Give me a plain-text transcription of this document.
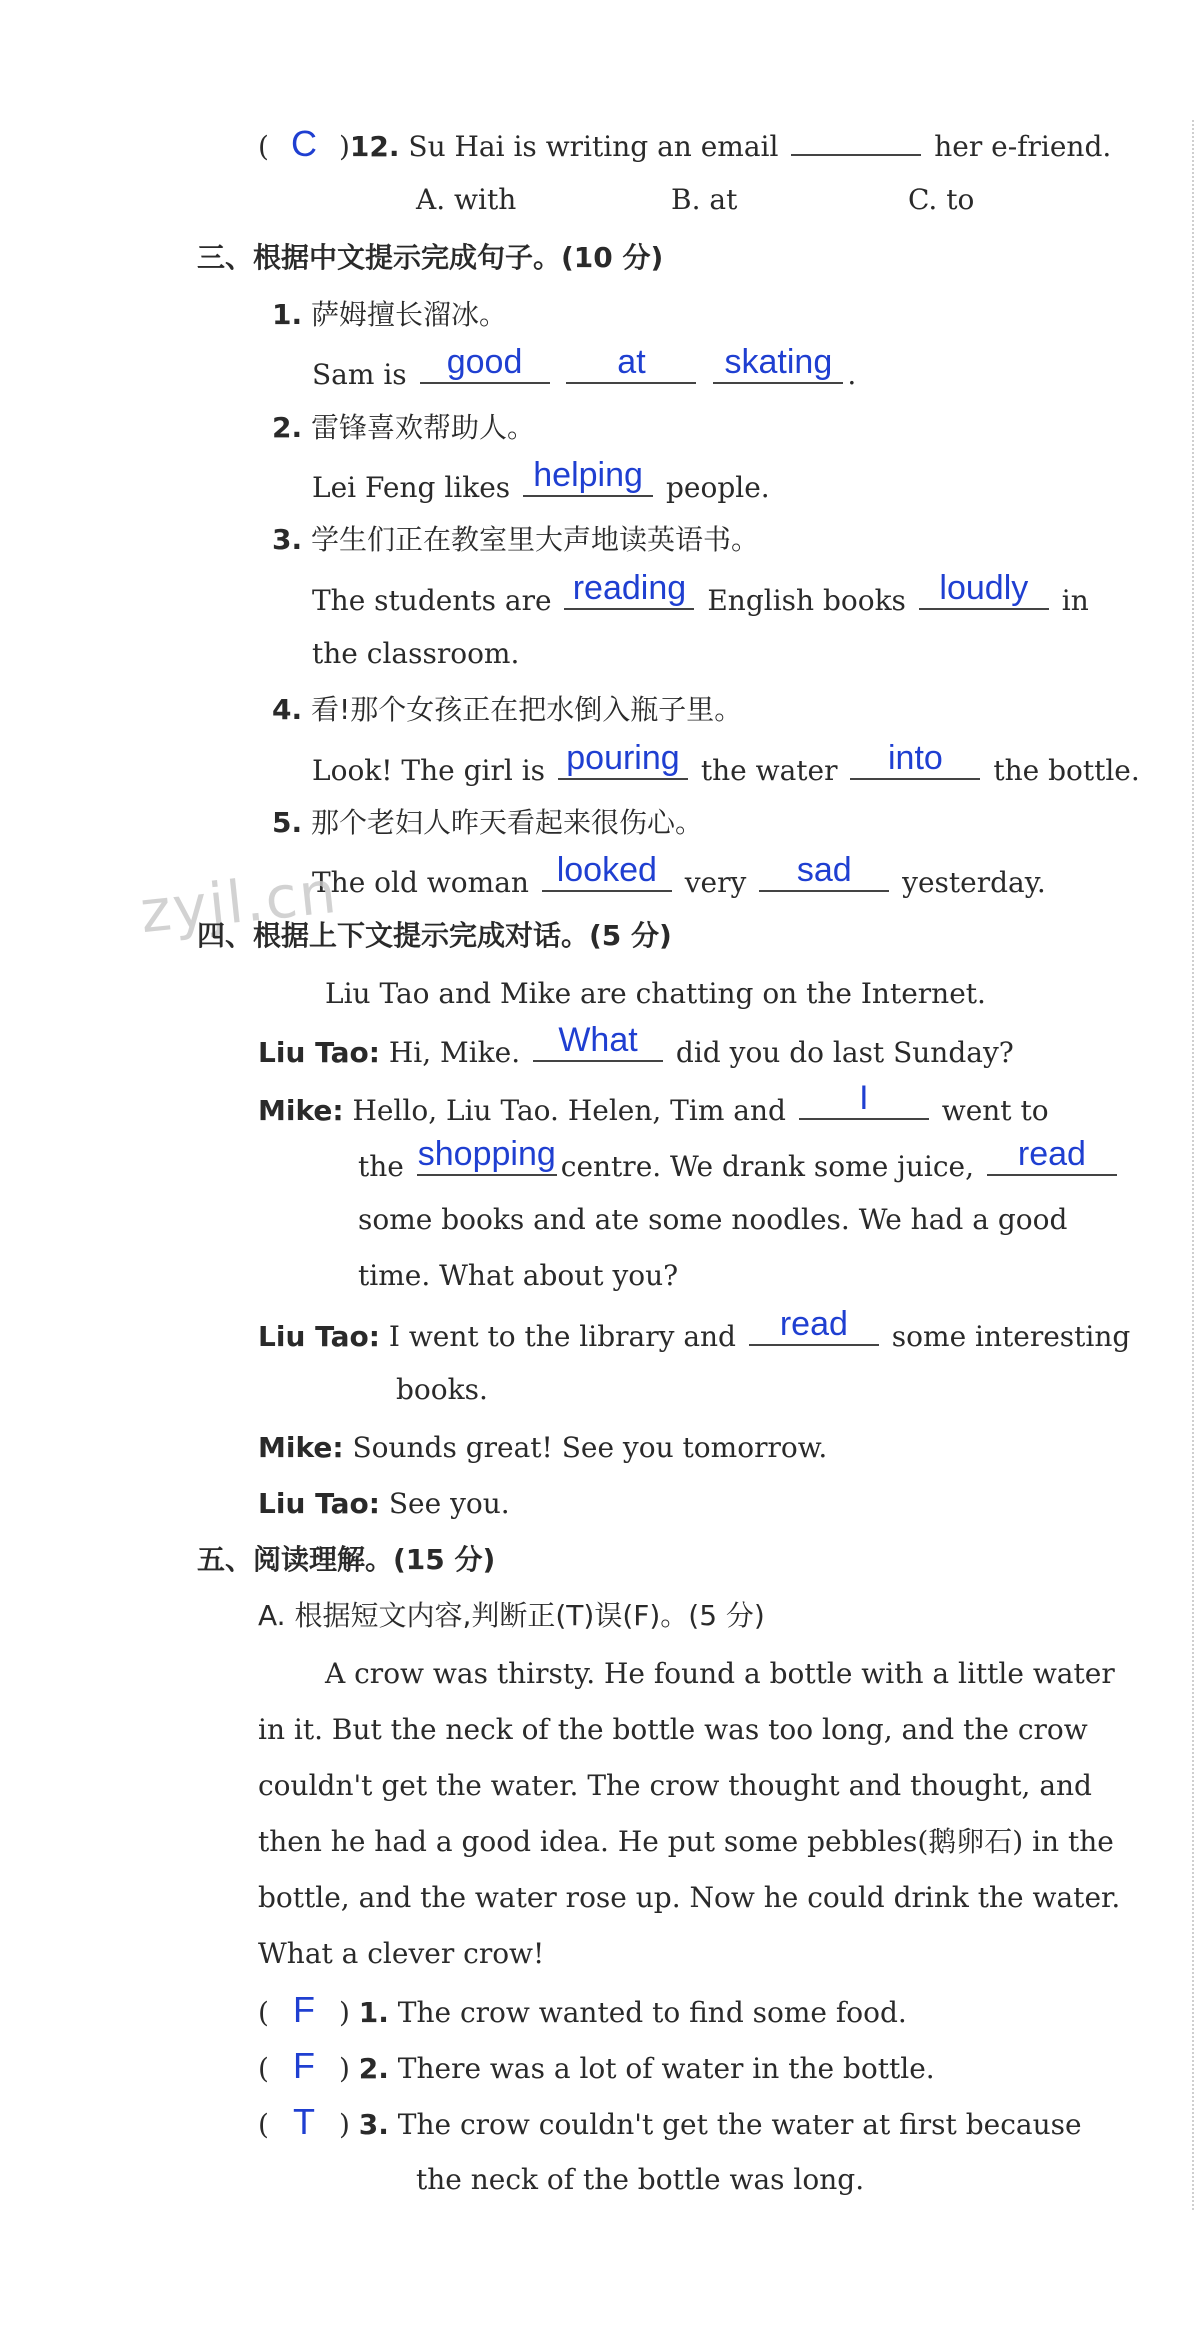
( C )12. Su Hai is writing an email	her e-friend.
A. with	B. at	C. to
三、根据中文提示完成句子。(10 分)
1. 萨姆擅长溜冰。
Sam is	good
	at
	skating .
2. 雷锋喜欢帮助人。
Lei Feng likes helping people.
3. 学生们正在教室里大声地读英语书。
The students are reading English books loudly	in
the classroom.
4. 看!那个女孩正在把水倒入瓶子里。
Look! The girl is pouring the water	into	the bottle.
5. 那个老妇人昨天看起来很伤心。
The old woman looked very	sad	yesterday.
zyjl.cn
四、根据上下文提示完成对话。(5 分)
Liu Tao and Mike are chatting on the Internet.
Liu Tao: Hi, Mike.	What	did you do last Sunday?
Mike: Hello, Liu Tao. Helen, Tim and	I	went to
the shopping centre. We drank some juice,	read
some books and ate some noodles. We had a good
time. What about you?
Liu Tao: I went to the library and	read	some interesting
books.
Mike: Sounds great! See you tomorrow.
Liu Tao: See you.
五、阅读理解。(15 分)
A. 根据短文内容,判断正(T)误(F)。(5 分)
A crow was thirsty. He found a bottle with a little water
in it. But the neck of the bottle was too long, and the crow
couldn't get the water. The crow thought and thought, and
then he had a good idea. He put some pebbles(鹅卵石) in the
bottle, and the water rose up. Now he could drink the water.
What a clever crow!
( F ) 1. The crow wanted to find some food.
( F ) 2. There was a lot of water in the bottle.
( T ) 3. The crow couldn't get the water at first because
the neck of the bottle was long.
